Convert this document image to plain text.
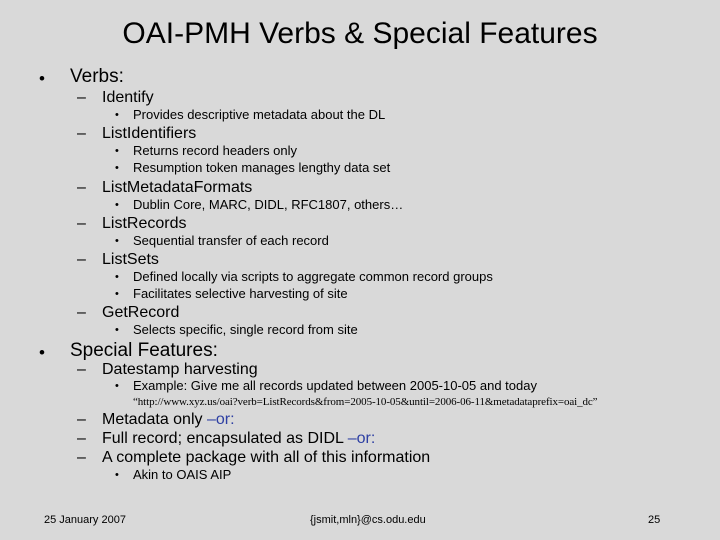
OAI-PMH Verbs & Special Features
• Verbs:
– Identify
• Provides descriptive metadata about the DL
– ListIdentifiers
• Returns record headers only
• Resumption token manages lengthy data set
– ListMetadataFormats
• Dublin Core, MARC, DIDL, RFC1807, others…
– ListRecords
• Sequential transfer of each record
– ListSets
• Defined locally via scripts to aggregate common record groups
• Facilitates selective harvesting of site
– GetRecord
• Selects specific, single record from site
• Special Features:
– Datestamp harvesting
• Example: Give me all records updated between 2005-10-05 and today
“http://www.xyz.us/oai?verb=ListRecords&from=2005-10-05&until=2006-06-11&metadataprefix=oai_dc”
– Metadata only –or:
– Full record; encapsulated as DIDL –or:
– A complete package with all of this information
• Akin to OAIS AIP
25 January 2007	{jsmit,mln}@cs.odu.edu	25
